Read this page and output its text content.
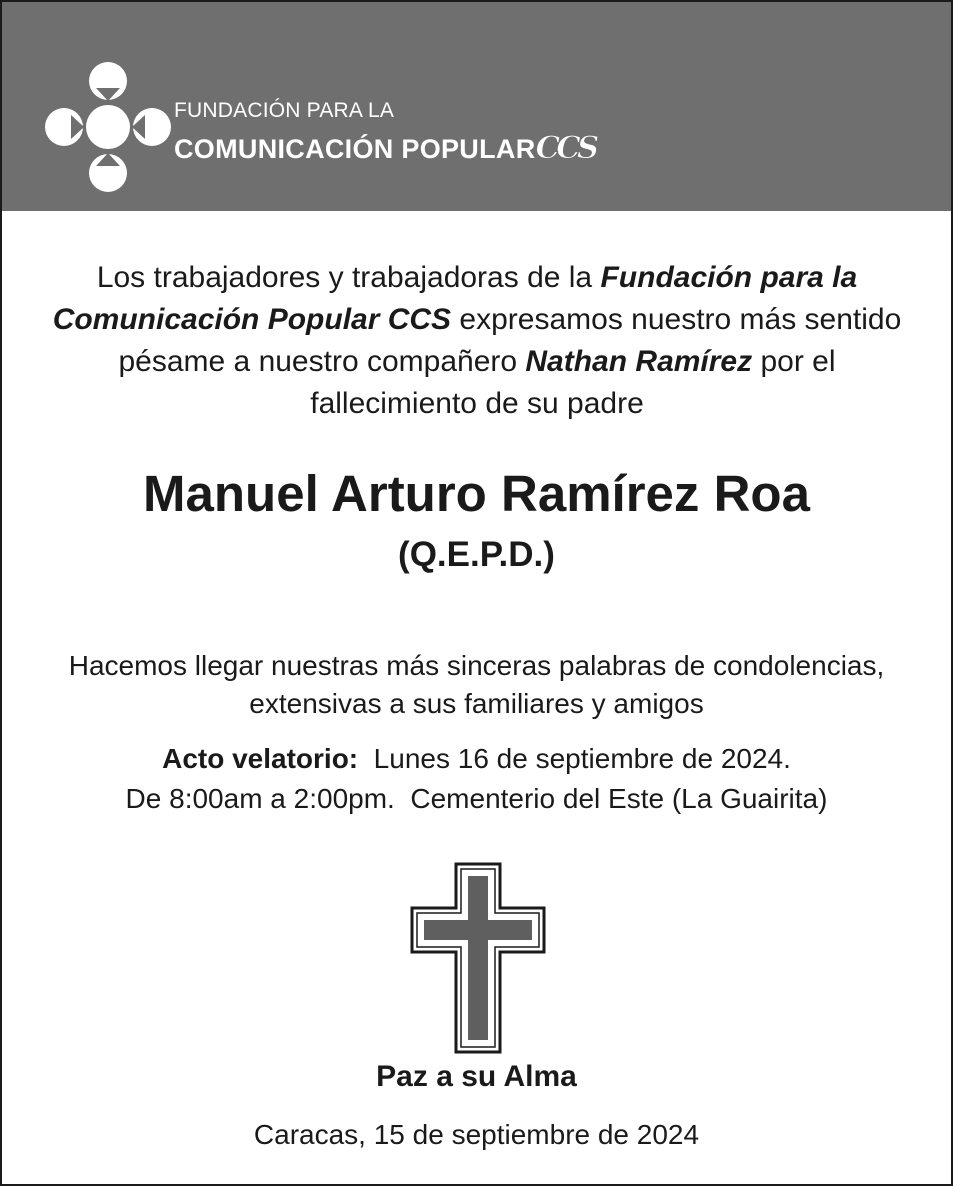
FUNDACIÓN PARA LA
COMUNICACIÓN POPULARCCS
Los trabajadores y trabajadoras de la Fundación para la Comunicación Popular CCS expresamos nuestro más sentido pésame a nuestro compañero Nathan Ramírez por el fallecimiento de su padre
Manuel Arturo Ramírez Roa
(Q.E.P.D.)
Hacemos llegar nuestras más sinceras palabras de condolencias,
extensivas a sus familiares y amigos
Acto velatorio:  Lunes 16 de septiembre de 2024.
De 8:00am a 2:00pm.  Cementerio del Este (La Guairita)
Paz a su Alma
Caracas, 15 de septiembre de 2024
